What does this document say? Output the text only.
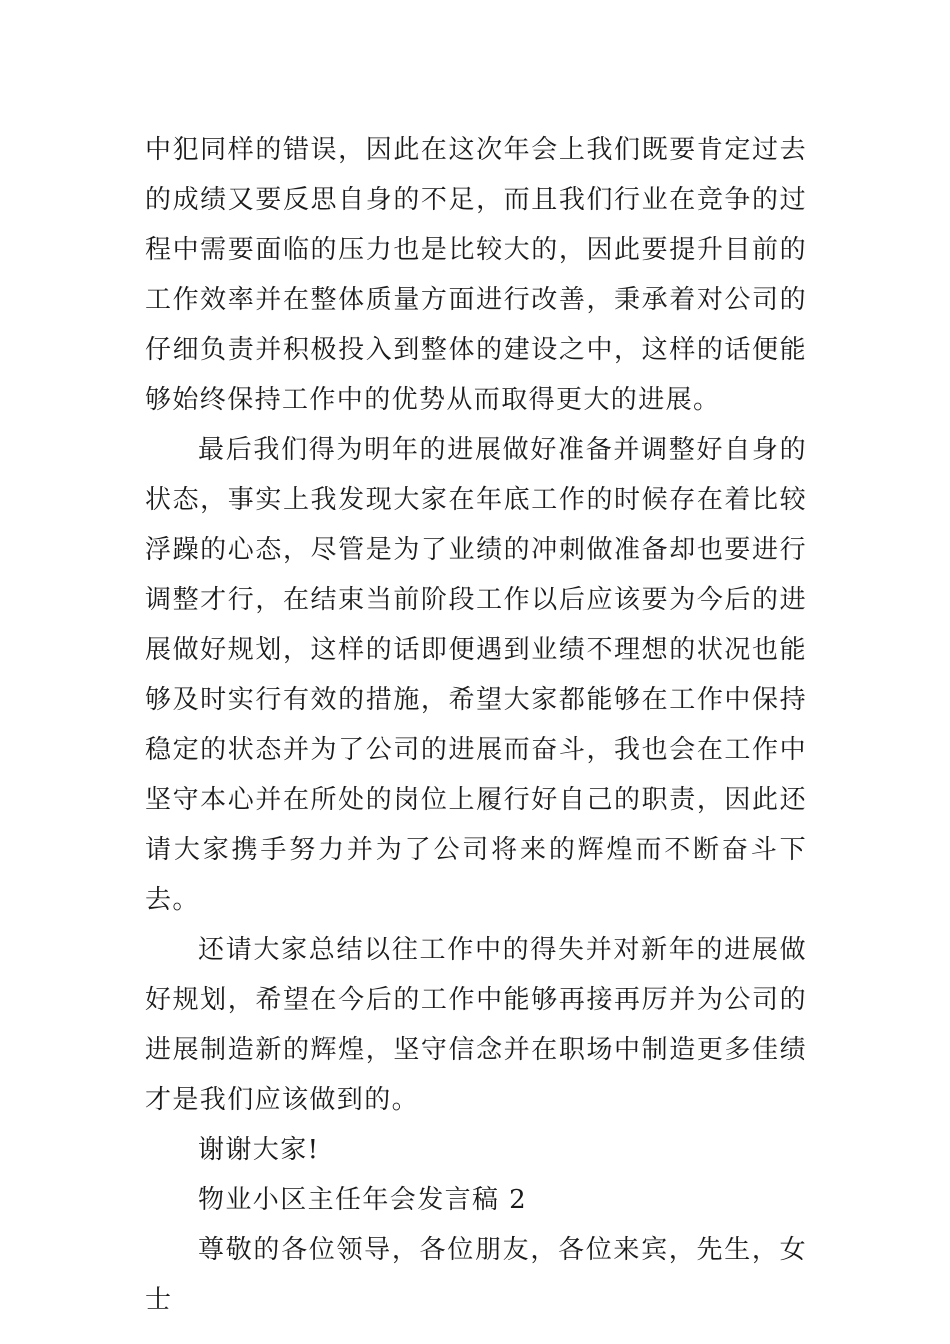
中犯同样的错误，因此在这次年会上我们既要肯定过去的成绩又要反思自身的不足，而且我们行业在竞争的过程中需要面临的压力也是比较大的，因此要提升目前的工作效率并在整体质量方面进行改善，秉承着对公司的仔细负责并积极投入到整体的建设之中，这样的话便能够始终保持工作中的优势从而取得更大的进展。

最后我们得为明年的进展做好准备并调整好自身的状态，事实上我发现大家在年底工作的时候存在着比较浮躁的心态，尽管是为了业绩的冲刺做准备却也要进行调整才行，在结束当前阶段工作以后应该要为今后的进展做好规划，这样的话即便遇到业绩不理想的状况也能够及时实行有效的措施，希望大家都能够在工作中保持稳定的状态并为了公司的进展而奋斗，我也会在工作中坚守本心并在所处的岗位上履行好自己的职责，因此还请大家携手努力并为了公司将来的辉煌而不断奋斗下去。

还请大家总结以往工作中的得失并对新年的进展做好规划，希望在今后的工作中能够再接再厉并为公司的进展制造新的辉煌，坚守信念并在职场中制造更多佳绩才是我们应该做到的。

谢谢大家!

物业小区主任年会发言稿 2

尊敬的各位领导，各位朋友，各位来宾，先生，女士
